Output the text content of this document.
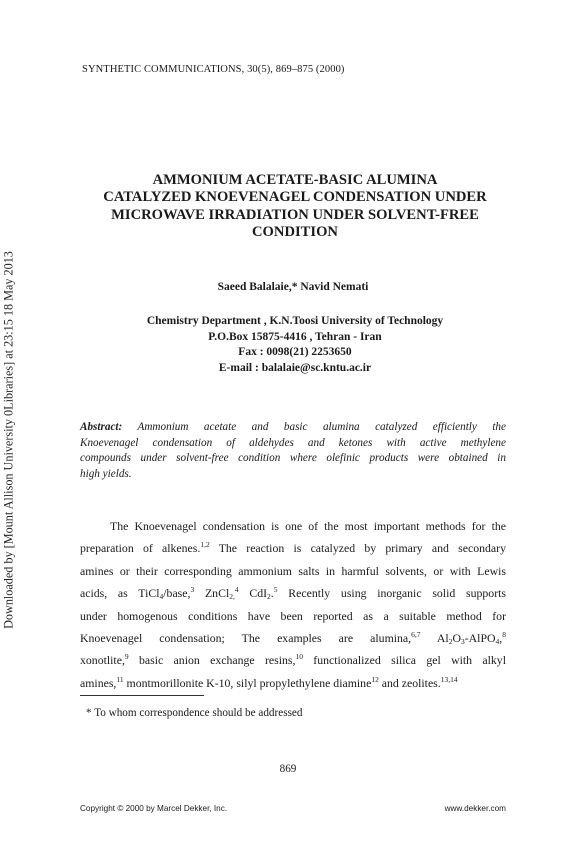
Downloaded by [Mount Allison University 0Libraries] at 23:15 18 May 2013
SYNTHETIC COMMUNICATIONS, 30(5), 869–875 (2000)
AMMONIUM ACETATE-BASIC ALUMINA
CATALYZED KNOEVENAGEL CONDENSATION UNDER
MICROWAVE IRRADIATION UNDER SOLVENT-FREE
CONDITION
Saeed Balalaie,* Navid Nemati
Chemistry Department , K.N.Toosi University of Technology
P.O.Box 15875-4416 , Tehran - Iran
Fax : 0098(21) 2253650
E-mail : balalaie@sc.kntu.ac.ir
Abstract: Ammonium acetate and basic alumina catalyzed efficiently the
Knoevenagel condensation of aldehydes and ketones with active methylene
compounds under solvent-free condition where olefinic products were obtained in
high yields.
The Knoevenagel condensation is one of the most important methods for the
preparation of alkenes.$^{1,2}$ The reaction is catalyzed by primary and secondary
amines or their corresponding ammonium salts in harmful solvents, or with Lewis
acids, as TiCl$_4$/base,$^3$ ZnCl$_{2,}^4$ CdI$_2$.$^5$ Recently using inorganic solid supports
under homogenous conditions have been reported as a suitable method for
Knoevenagel condensation; The examples are alumina,$^{6,7}$ $Al_2O_3-AlPO_4,^8$
xonotlite,$^9$ basic anion exchange resins,$^{10}$ functionalized silica gel with alkyl
amines,$^{11}$ montmorillonite K-10, silyl propylethylene diamine$^{12}$ and zeolites.$^{13,14}$
* To whom correspondence should be addressed
869
Copyright © 2000 by Marcel Dekker, Inc.	www.dekker.com
